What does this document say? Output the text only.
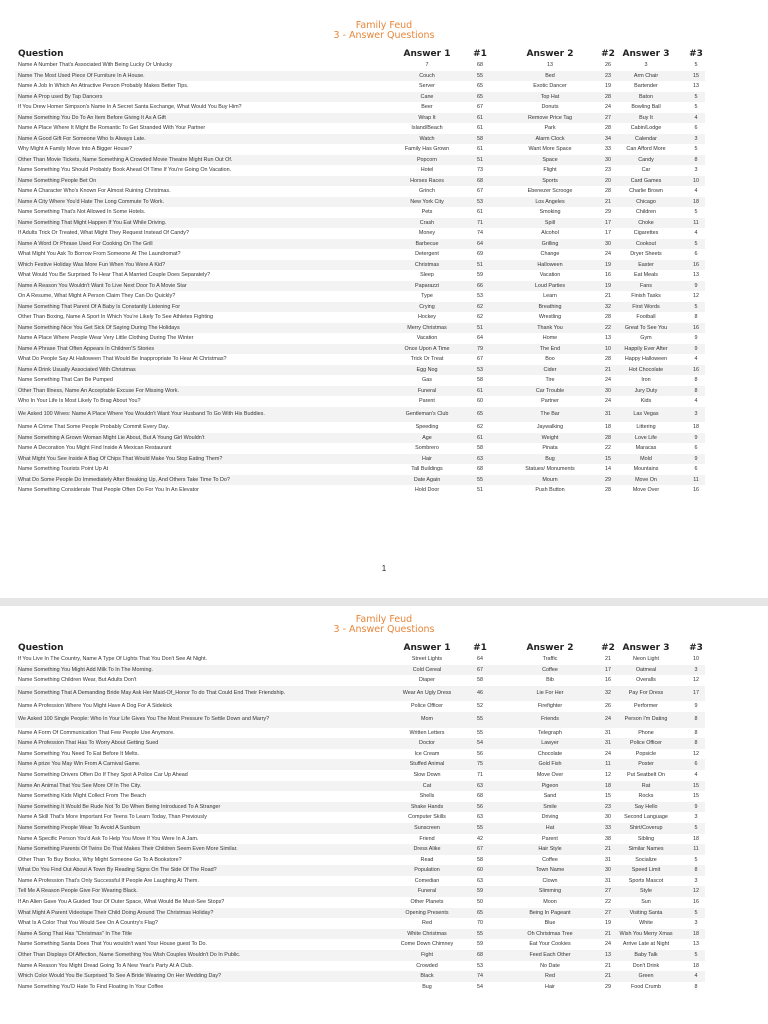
Family Feud
3 - Answer Questions
Question	Answer 1	#1	Answer 2	#2 Answer 3	#3
Name A Number That's Associated With Being Lucky Or Unlucky	7	68	13	26	3	5
Name The Most Used Piece Of Furniture In A House.	Couch	55	Bed	23	Arm Chair	15
Name A Job In Which An Attractive Person Probably Makes Better Tips.	Server	65	Exotic Dancer	19	Bartender	13
Name A Prop used By Tap Dancers	Cane	65	Top Hat	28	Baton	5
If You Drew Homer Simpson's Name In A Secret Santa Exchange, What Would You Buy Him?	Beer	67	Donuts	24	Bowling Ball	5
Name Something You Do To An Item Before Giving It As A Gift	Wrap It	61	Remove Price Tag	27	Buy It	4
Name A Place Where It Might Be Romantic To Get Stranded With Your Partner	Island/Beach	61	Park	28	Cabin/Lodge	6
Name A Good Gift For Someone Who Is Always Late.	Watch	58	Alarm Clock	34	Calendar	3
Why Might A Family Move Into A Bigger House?	Family Has Grown	61	Want More Space	33	Can Afford More	5
Other Than Movie Tickets, Name Something A Crowded Movie Theatre Might Run Out Of.	Popcorn	51	Space	30	Candy	8
Name Something You Should Probably Book Ahead Of Time If You're Going On Vacation.	Hotel	73	Flight	23	Car	3
Name Something People Bet On	Horses Races	68	Sports	20	Card Games	10
Name A Character Who's Known For Almost Ruining Christmas.	Grinch	67	Ebenezer Scrooge	28	Charlie Brown	4
Name A City Where You'd Hate The Long Commute To Work.	New York City	53	Los Angeles	21	Chicago	18
Name Something That's Not Allowed In Some Hotels.	Pets	61	Smoking	29	Children	5
Name Something That Might Happen If You Eat While Driving.	Crash	71	Spill	17	Choke	11
If Adults Trick Or Treated, What Might They Request Instead Of Candy?	Money	74	Alcohol	17	Cigarettes	4
Name A Word Or Phrase Used For Cooking On The Grill	Barbecue	64	Grilling	30	Cookout	5
What Might You Ask To Borrow From Someone At The Laundromat?	Detergent	69	Change	24	Dryer Sheets	6
Which Festive Holiday Was More Fun When You Were A Kid?	Christmas	51	Halloween	19	Easter	16
What Would You Be Surprised To Hear That A Married Couple Does Separately?	Sleep	59	Vacation	16	Eat Meals	13
Name A Reason You Wouldn't Want To Live Next Door To A Movie Star	Paparazzi	66	Loud Parties	19	Fans	9
On A Resume, What Might A Person Claim They Can Do Quickly?	Type	53	Learn	21	Finish Tasks	12
Name Something That Parent Of A Baby Is Constantly Listening For	Crying	62	Breathing	32	First Words	5
Other Than Boxing, Name A Sport In Which You're Likely To See Athletes Fighting	Hockey	62	Wrestling	28	Football	8
Name Something Nice You Get Sick Of Saying During The Holidays	Merry Christmas	51	Thank You	22	Great To See You	16
Name A Place Where People Wear Very Little Clothing During The Winter	Vacation	64	Home	13	Gym	9
Name A Phrase That Often Appears In Children'S Stories	Once Upon A Time	79	The End	10	Happily Ever After	9
What Do People Say At Halloween That Would Be Inappropriate To Hear At Christmas?	Trick Or Treat	67	Boo	28	Happy Halloween	4
Name A Drink Usually Associated With Christmas	Egg Nog	53	Cider	21	Hot Chocolate	16
Name Something That Can Be Pumped	Gas	58	Tire	24	Iron	8
Other Than Illness, Name An Acceptable Excuse For Missing Work.	Funeral	61	Car Trouble	30	Jury Duty	8
Who In Your Life Is Most Likely To Brag About You?	Parent	60	Partner	24	Kids	4
We Asked 100 Wives: Name A Place Where You Wouldn't Want Your Husband To Go With His Buddies.	Gentleman's Club	65	The Bar	31	Las Vegas	3
Name A Crime That Some People Probably Commit Every Day.	Speeding	62	Jaywalking	18	Littering	18
Name Something A Grown Woman Might Lie About, But A Young Girl Wouldn't	Age	61	Weight	28	Love Life	9
Name A Decoration You Might Find Inside A Mexican Restaurant	Sombrero	58	Pinata	22	Maracas	6
What Might You See Inside A Bag Of Chips That Would Make You Stop Eating Them?	Hair	63	Bug	15	Mold	9
Name Something Tourists Point Up At	Tall Buildings	68	Statues/ Monuments	14	Mountains	6
What Do Some People Do Immediately After Breaking Up, And Others Take Time To Do?	Date Again	55	Mourn	29	Move On	11
Name Something Considerate That People Often Do For You In An Elevator	Hold Door	51	Push Button	28	Move Over	16
1
Family Feud
3 - Answer Questions
Question	Answer 1	#1	Answer 2	#2 Answer 3	#3
If You Live In The Country, Name A Type Of Lights That You Don't See At Night.	Street Lights	64	Traffic	21	Neon Light	10
Name Something You Might Add Milk To In The Morning.	Cold Cereal	67	Coffee	17	Oatmeal	3
Name Something Children Wear, But Adults Don't	Diaper	58	Bib	16	Overalls	12
Name Something That A Demanding Bride May Ask Her Maid-Of_Honor To do That Could End Their Friendship.	Wear An Ugly Dress	46	Lie For Her	32	Pay For Dress	17
Name A Profession Where You Might Have A Dog For A Sidekick	Police Officer	52	Firefighter	26	Performer	9
We Asked 100 Single People: Who In Your Life Gives You The Most Pressure To Settle Down and Marry?	Mom	55	Friends	24	Person I'm Dating	8
Name A Form Of Communication That Few People Use Anymore.	Written Letters	55	Telegraph	31	Phone	8
Name A Profession That Has To Worry About Getting Sued	Doctor	54	Lawyer	31	Police Officer	8
Name Something You Need To Eat Before It Melts.	Ice Cream	56	Chocolate	24	Popsicle	12
Name A prize You May Win From A Carnival Game.	Stuffed Animal	75	Gold Fish	11	Poster	6
Name Something Drivers Often Do If They Spot A Police Car Up Ahead	Slow Down	71	Move Over	12	Put Seatbelt On	4
Name An Animal That You See More Of In The City.	Cat	63	Pigeon	18	Rat	15
Name Something Kids Might Collect From The Beach	Shells	68	Sand	15	Rocks	15
Name Something It Would Be Rude Not To Do When Being Introduced To A Stranger	Shake Hands	56	Smile	23	Say Hello	9
Name A Skill That's More Important For Teens To Learn Today, Than Previously	Computer Skills	63	Driving	30	Second Language	3
Name Something People Wear To Avoid A Sunburn	Sunscreen	55	Hat	33	Shirt/Coverup	5
Name A Specific Person You'd Ask To Help You Move If You Were In A Jam.	Friend	42	Parent	38	Sibling	18
Name Something Parents Of Twins Do That Makes Their Children Seem Even More Similar.	Dress Alike	67	Hair Style	21	Similar Names	11
Other Than To Buy Books, Why Might Someone Go To A Bookstore?	Read	58	Coffee	31	Socialize	5
What Do You Find Out About A Town By Reading Signs On The Side Of The Road?	Population	60	Town Name	30	Speed Limit	8
Name A Profession That's Only Successful If People Are Laughing At Them.	Comedian	63	Clown	31	Sports Mascot	3
Tell Me A Reason People Give For Wearing Black.	Funeral	59	Slimming	27	Style	12
If An Alien Gave You A Guided Tour Of Outer Space, What Would Be Must-See Stops?	Other Planets	50	Moon	22	Sun	16
What Might A Parent Videotape Their Child Doing Around The Christmas Holiday?	Opening Presents	65	Being In Pageant	27	Visiting Santa	5
What Is A Color That You Would See On A Country's Flag?	Red	70	Blue	19	White	3
Name A Song That Has "Christmas" In The Title	White Christmas	55	Oh Christmas Tree	21	Wish You Merry Xmas	18
Name Something Santa Does That You wouldn't want Your House guest To Do.	Come Down Chimney	59	Eat Your Cookies	24	Arrive Late at Night	13
Other Than Displays Of Affection, Name Something You Wish Couples Wouldn't Do In Public.	Fight	68	Feed Each Other	13	Baby Talk	5
Name A Reason You Might Dread Going To A New Year's Party At A Club.	Crowded	53	No Date	21	Don't Drink	18
Which Color Would You Be Surprised To See A Bride Wearing On Her Wedding Day?	Black	74	Red	21	Green	4
Name Something You'D Hate To Find Floating In Your Coffee	Bug	54	Hair	29	Food Crumb	8
